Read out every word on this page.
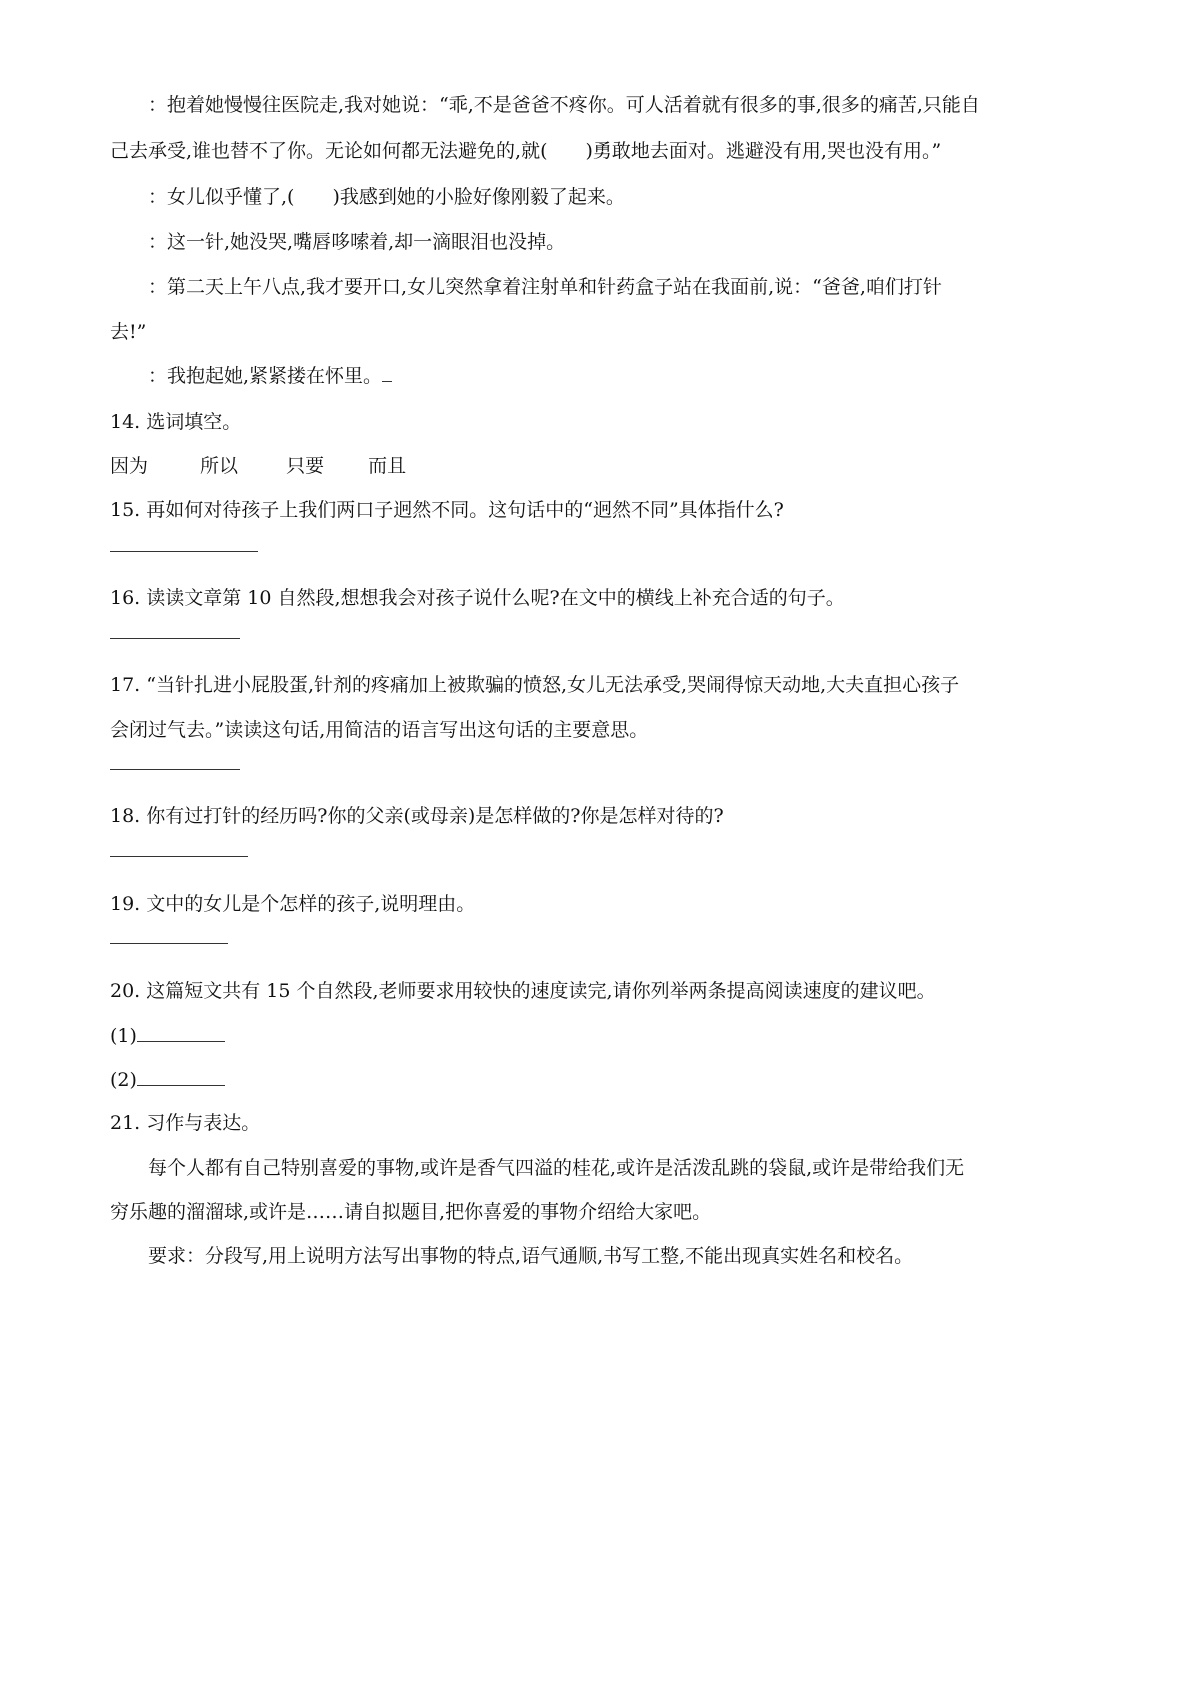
：抱着她慢慢往医院走,我对她说：“乖,不是爸爸不疼你。可人活着就有很多的事,很多的痛苦,只能自
己去承受,谁也替不了你。无论如何都无法避免的,就(　　)勇敢地去面对。逃避没有用,哭也没有用。”
：女儿似乎懂了,(　　)我感到她的小脸好像刚毅了起来。
：这一针,她没哭,嘴唇哆嗦着,却一滴眼泪也没掉。
：第二天上午八点,我才要开口,女儿突然拿着注射单和针药盒子站在我面前,说：“爸爸,咱们打针
去!”
：我抱起她,紧紧搂在怀里。
14. 选词填空。
因为	所以	只要 而且
15. 再如何对待孩子上我们两口子迥然不同。这句话中的“迥然不同”具体指什么?
16. 读读文章第 10 自然段,想想我会对孩子说什么呢?在文中的横线上补充合适的句子。
17. “当针扎进小屁股蛋,针剂的疼痛加上被欺骗的愤怒,女儿无法承受,哭闹得惊天动地,大夫直担心孩子
会闭过气去。”读读这句话,用简洁的语言写出这句话的主要意思。
18. 你有过打针的经历吗?你的父亲(或母亲)是怎样做的?你是怎样对待的?
19. 文中的女儿是个怎样的孩子,说明理由。
20. 这篇短文共有 15 个自然段,老师要求用较快的速度读完,请你列举两条提高阅读速度的建议吧。
(1)
(2)
21. 习作与表达。
每个人都有自己特别喜爱的事物,或许是香气四溢的桂花,或许是活泼乱跳的袋鼠,或许是带给我们无
穷乐趣的溜溜球,或许是……请自拟题目,把你喜爱的事物介绍给大家吧。
要求：分段写,用上说明方法写出事物的特点,语气通顺,书写工整,不能出现真实姓名和校名。
